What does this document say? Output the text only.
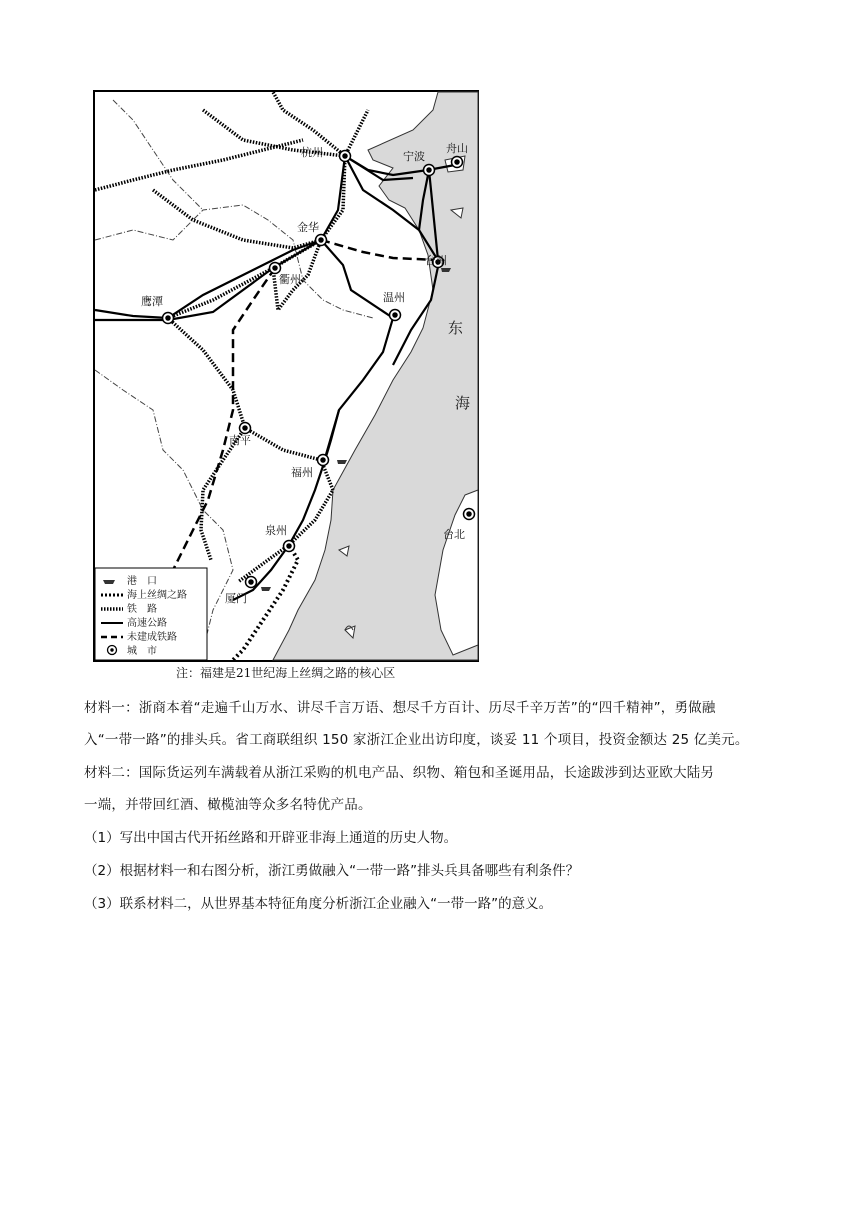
杭州	宁波
舟山
金华
台州
衢州
温州
鹰潭
南平
福州
泉州
厦门
台北
东
海
港　口
海上丝绸之路
铁　路
高速公路
未建成铁路
城　市
注：福建是21世纪海上丝绸之路的核心区
材料一：浙商本着“走遍千山万水、讲尽千言万语、想尽千方百计、历尽千辛万苦”的“四千精神”，勇做融
入“一带一路”的排头兵。省工商联组织 150 家浙江企业出访印度，谈妥 11 个项目，投资金额达 25 亿美元。
材料二：国际货运列车满载着从浙江采购的机电产品、织物、箱包和圣诞用品，长途跋涉到达亚欧大陆另
一端，并带回红酒、橄榄油等众多名特优产品。
（1）写出中国古代开拓丝路和开辟亚非海上通道的历史人物。
（2）根据材料一和右图分析，浙江勇做融入“一带一路”排头兵具备哪些有利条件？
（3）联系材料二，从世界基本特征角度分析浙江企业融入“一带一路”的意义。
